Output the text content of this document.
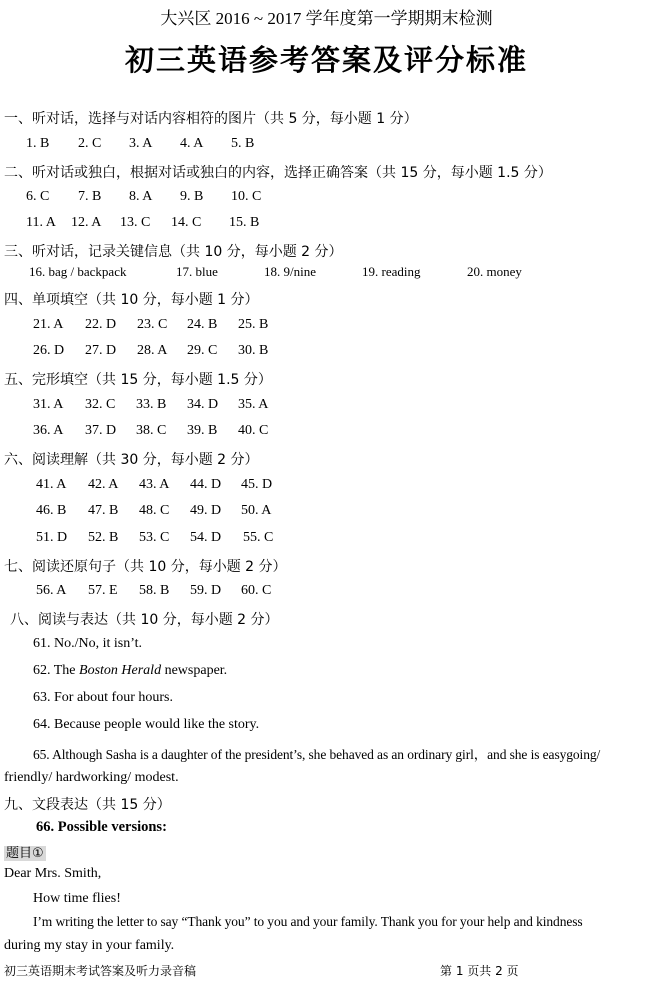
大兴区 2016 ~ 2017 学年度第一学期期末检测
初三英语参考答案及评分标准
一、听对话，选择与对话内容相符的图片（共 5 分，每小题 1 分）
1. B 2. C 3. A 4. A 5. B
二、听对话或独白，根据对话或独白的内容，选择正确答案（共 15 分，每小题 1.5 分）
6. C 7. B 8. A 9. B 10. C
11. A 12. A 13. C 14. C 15. B
三、听对话，记录关键信息（共 10 分，每小题 2 分）
16. bag / backpack	17. blue	18. 9/nine	19. reading	20. money
四、单项填空（共 10 分，每小题 1 分）
21. A 22. D 23. C 24. B 25. B
26. D 27. D 28. A 29. C 30. B
五、完形填空（共 15 分，每小题 1.5 分）
31. A 32. C 33. B 34. D 35. A
36. A 37. D 38. C 39. B 40. C
六、阅读理解（共 30 分，每小题 2 分）
41. A 42. A 43. A 44. D 45. D
46. B 47. B 48. C 49. D 50. A
51. D 52. B 53. C 54. D 55. C
七、阅读还原句子（共 10 分，每小题 2 分）
56. A 57. E 58. B 59. D 60. C
八、阅读与表达（共 10 分，每小题 2 分）
61. No./No, it isn’t.
62. The Boston Herald newspaper.
63. For about four hours.
64. Because people would like the story.
65. Although Sasha is a daughter of the president’s, she behaved as an ordinary girl，and she is easygoing/
friendly/ hardworking/ modest.
九、文段表达（共 15 分）
66. Possible versions:
题目①
Dear Mrs. Smith,
How time flies!
I’m writing the letter to say “Thank you” to you and your family. Thank you for your help and kindness
during my stay in your family.
初三英语期末考试答案及听力录音稿	第 1 页共 2 页
